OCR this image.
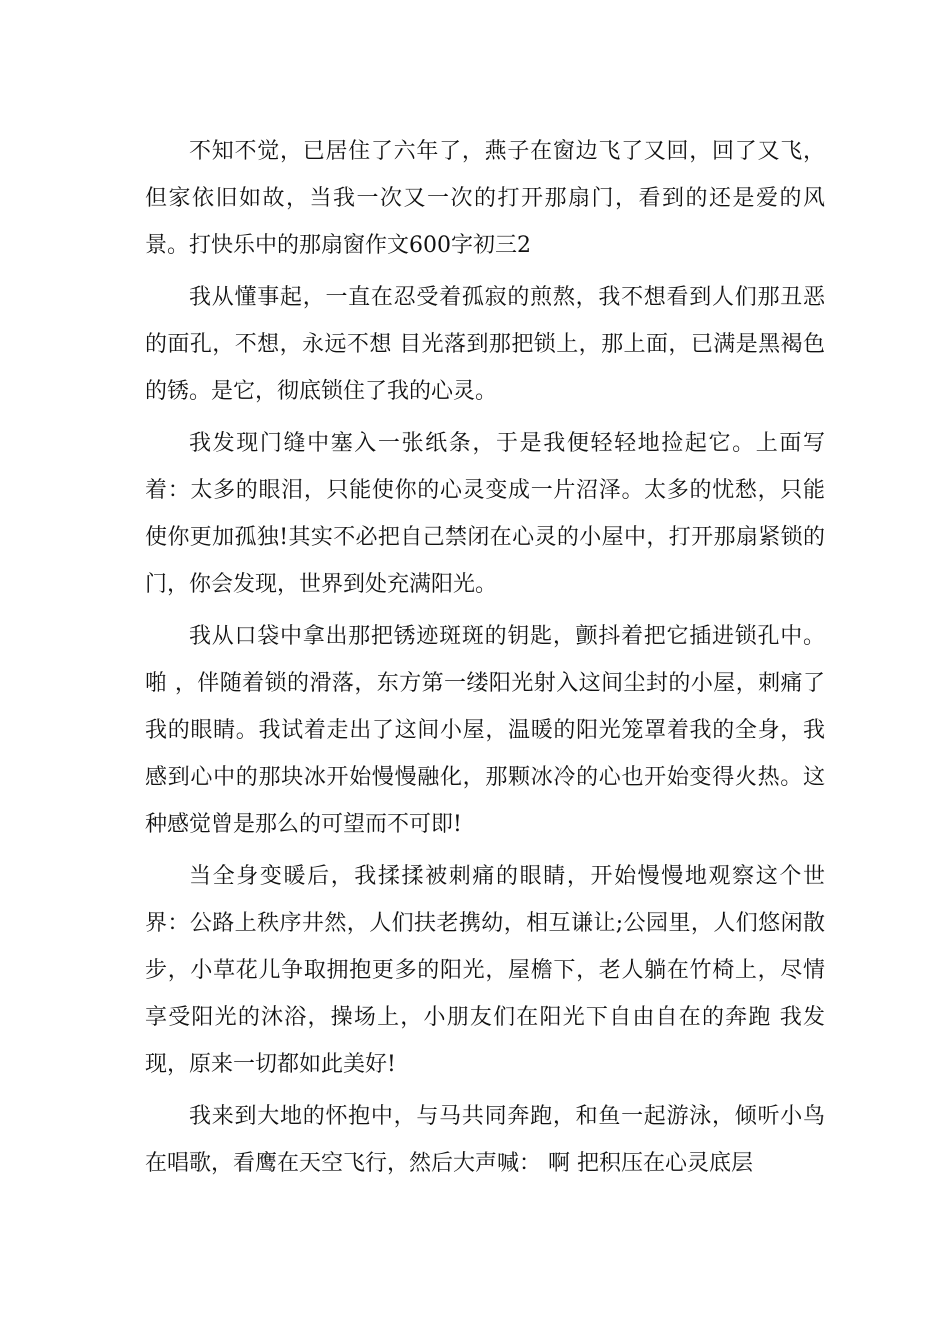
不知不觉，已居住了六年了，燕子在窗边飞了又回，回了又飞，但家依旧如故，当我一次又一次的打开那扇门，看到的还是爱的风景。打快乐中的那扇窗作文600字初三2

我从懂事起，一直在忍受着孤寂的煎熬，我不想看到人们那丑恶的面孔，不想，永远不想 目光落到那把锁上，那上面，已满是黑褐色的锈。是它，彻底锁住了我的心灵。

我发现门缝中塞入一张纸条，于是我便轻轻地捡起它。上面写着：太多的眼泪，只能使你的心灵变成一片沼泽。太多的忧愁，只能使你更加孤独!其实不必把自己禁闭在心灵的小屋中，打开那扇紧锁的门，你会发现，世界到处充满阳光。

我从口袋中拿出那把锈迹斑斑的钥匙，颤抖着把它插进锁孔中。 啪 ，伴随着锁的滑落，东方第一缕阳光射入这间尘封的小屋，刺痛了我的眼睛。我试着走出了这间小屋，温暖的阳光笼罩着我的全身，我感到心中的那块冰开始慢慢融化，那颗冰冷的心也开始变得火热。这种感觉曾是那么的可望而不可即!

当全身变暖后，我揉揉被刺痛的眼睛，开始慢慢地观察这个世界：公路上秩序井然，人们扶老携幼，相互谦让;公园里，人们悠闲散步，小草花儿争取拥抱更多的阳光，屋檐下，老人躺在竹椅上，尽情享受阳光的沐浴，操场上，小朋友们在阳光下自由自在的奔跑 我发现，原来一切都如此美好!

我来到大地的怀抱中，与马共同奔跑，和鱼一起游泳，倾听小鸟在唱歌，看鹰在天空飞行，然后大声喊： 啊 把积压在心灵底层
